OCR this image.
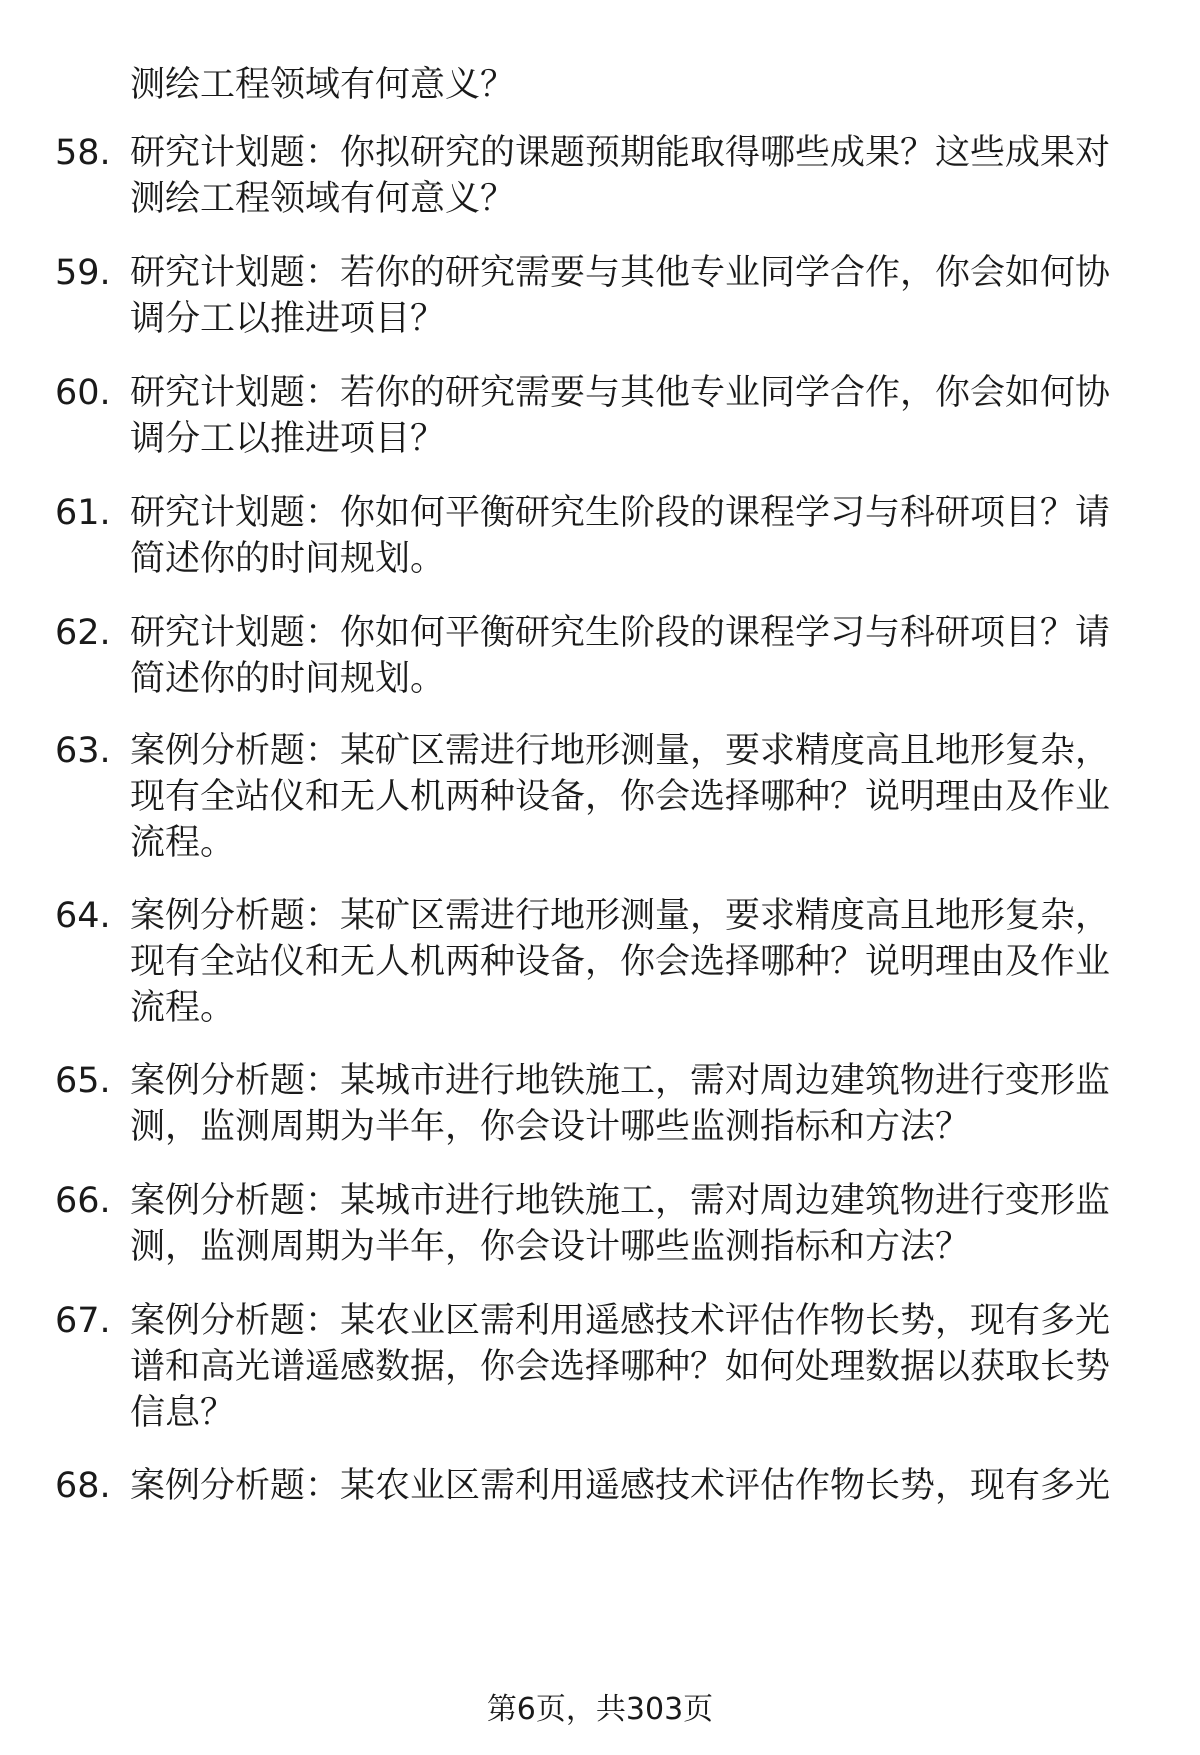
测绘工程领域有何意义？
58. 研究计划题：你拟研究的课题预期能取得哪些成果？这些成果对
测绘工程领域有何意义？
59. 研究计划题：若你的研究需要与其他专业同学合作，你会如何协
调分工以推进项目？
60. 研究计划题：若你的研究需要与其他专业同学合作，你会如何协
调分工以推进项目？
61. 研究计划题：你如何平衡研究生阶段的课程学习与科研项目？请
简述你的时间规划。
62. 研究计划题：你如何平衡研究生阶段的课程学习与科研项目？请
简述你的时间规划。
63. 案例分析题：某矿区需进行地形测量，要求精度高且地形复杂，
现有全站仪和无人机两种设备，你会选择哪种？说明理由及作业
流程。
64. 案例分析题：某矿区需进行地形测量，要求精度高且地形复杂，
现有全站仪和无人机两种设备，你会选择哪种？说明理由及作业
流程。
65. 案例分析题：某城市进行地铁施工，需对周边建筑物进行变形监
测，监测周期为半年，你会设计哪些监测指标和方法？
66. 案例分析题：某城市进行地铁施工，需对周边建筑物进行变形监
测，监测周期为半年，你会设计哪些监测指标和方法？
67. 案例分析题：某农业区需利用遥感技术评估作物长势，现有多光
谱和高光谱遥感数据，你会选择哪种？如何处理数据以获取长势
信息？
68. 案例分析题：某农业区需利用遥感技术评估作物长势，现有多光
第6页，共303页
